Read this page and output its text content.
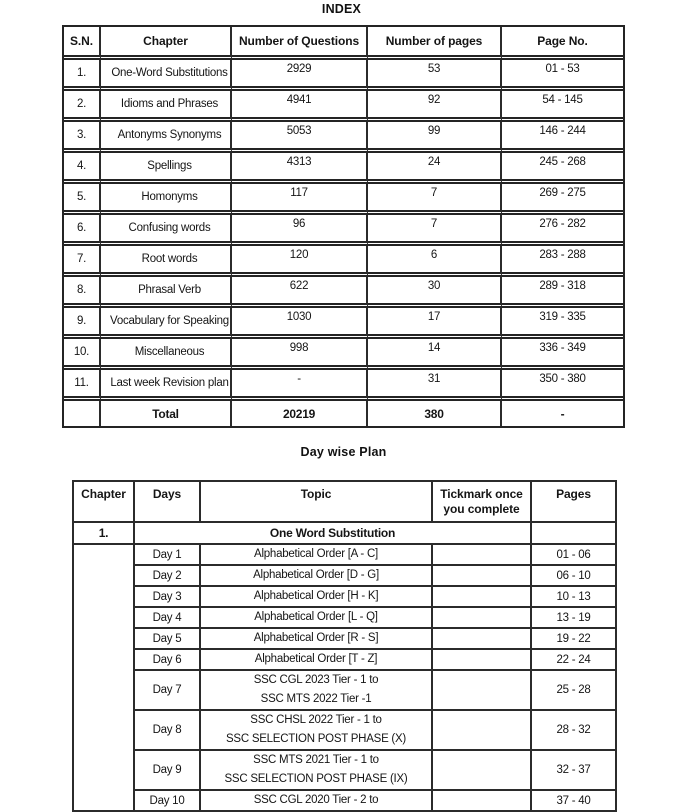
INDEX
S.N.	Chapter	Number of Questions	Number of pages	Page No.
1.	One-Word Substitutions	2929	53	01 - 53
2.	Idioms and Phrases	4941	92	54 - 145
3.	Antonyms Synonyms	5053	99	146 - 244
4.	Spellings	4313	24	245 - 268
5.	Homonyms	117	7	269 - 275
6.	Confusing words	96	7	276 - 282
7.	Root words	120	6	283 - 288
8.	Phrasal Verb	622	30	289 - 318
9.	Vocabulary for Speaking	1030	17	319 - 335
10.	Miscellaneous	998	14	336 - 349
11.	Last week Revision plan	-	31	350 - 380
	Total	20219	380	-
Day wise Plan
Chapter	Days	Topic	Tickmark once you complete	Pages
1.	One Word Substitution			
	Day 1	Alphabetical Order [A - C]		01 - 06
	Day 2	Alphabetical Order [D - G]		06 - 10
	Day 3	Alphabetical Order [H - K]		10 - 13
	Day 4	Alphabetical Order [L - Q]		13 - 19
	Day 5	Alphabetical Order [R - S]		19 - 22
	Day 6	Alphabetical Order [T - Z]		22 - 24
	Day 7	SSC CGL 2023 Tier - 1 to
SSC MTS 2022 Tier -1		25 - 28
	Day 8	SSC CHSL 2022 Tier - 1 to
SSC SELECTION POST PHASE (X)		28 - 32
	Day 9	SSC MTS 2021 Tier - 1 to
SSC SELECTION POST PHASE (IX)		32 - 37
	Day 10	SSC CGL 2020 Tier - 2 to		37 - 40
